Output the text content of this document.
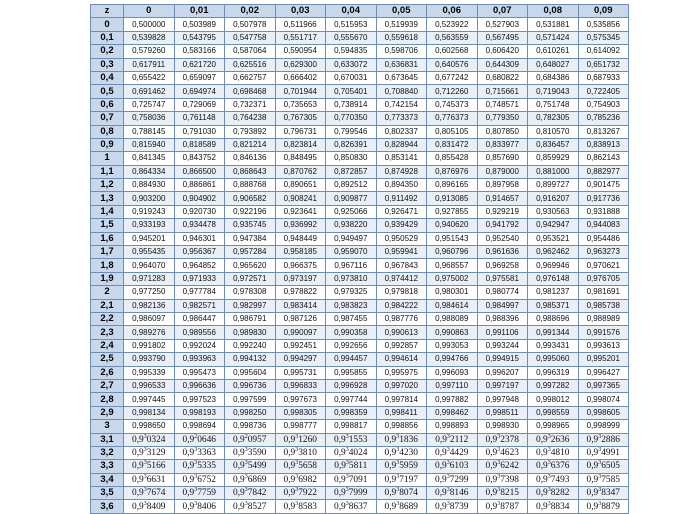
z	0	0,01	0,02	0,03	0,04	0,05	0,06	0,07	0,08	0,09
0	0,500000	0,503989	0,507978	0,511966	0,515953	0,519939	0,523922	0,527903	0,531881	0,535856
0,1	0,539828	0,543795	0,547758	0,551717	0,555670	0,559618	0,563559	0,567495	0,571424	0,575345
0,2	0,579260	0,583166	0,587064	0,590954	0,594835	0,598706	0,602568	0,606420	0,610261	0,614092
0,3	0,617911	0,621720	0,625516	0,629300	0,633072	0,636831	0,640576	0,644309	0,648027	0,651732
0,4	0,655422	0,659097	0,662757	0,666402	0,670031	0,673645	0,677242	0,680822	0,684386	0,687933
0,5	0,691462	0,694974	0,698468	0,701944	0,705401	0,708840	0,712260	0,715661	0,719043	0,722405
0,6	0,725747	0,729069	0,732371	0,735653	0,738914	0,742154	0,745373	0,748571	0,751748	0,754903
0,7	0,758036	0,761148	0,764238	0,767305	0,770350	0,773373	0,776373	0,779350	0,782305	0,785236
0,8	0,788145	0,791030	0,793892	0,796731	0,799546	0,802337	0,805105	0,807850	0,810570	0,813267
0,9	0,815940	0,818589	0,821214	0,823814	0,826391	0,828944	0,831472	0,833977	0,836457	0,838913
1	0,841345	0,843752	0,846136	0,848495	0,850830	0,853141	0,855428	0,857690	0,859929	0,862143
1,1	0,864334	0,866500	0,868643	0,870762	0,872857	0,874928	0,876976	0,879000	0,881000	0,882977
1,2	0,884930	0,886861	0,888768	0,890651	0,892512	0,894350	0,896165	0,897958	0,899727	0,901475
1,3	0,903200	0,904902	0,906582	0,908241	0,909877	0,911492	0,913085	0,914657	0,916207	0,917736
1,4	0,919243	0,920730	0,922196	0,923641	0,925066	0,926471	0,927855	0,929219	0,930563	0,931888
1,5	0,933193	0,934478	0,935745	0,936992	0,938220	0,939429	0,940620	0,941792	0,942947	0,944083
1,6	0,945201	0,946301	0,947384	0,948449	0,949497	0,950529	0,951543	0,952540	0,953521	0,954486
1,7	0,955435	0,956367	0,957284	0,958185	0,959070	0,959941	0,960796	0,961636	0,962462	0,963273
1,8	0,964070	0,964852	0,965620	0,966375	0,967116	0,967843	0,968557	0,969258	0,969946	0,970621
1,9	0,971283	0,971933	0,972571	0,973197	0,973810	0,974412	0,975002	0,975581	0,976148	0,976705
2	0,977250	0,977784	0,978308	0,978822	0,979325	0,979818	0,980301	0,980774	0,981237	0,981691
2,1	0,982136	0,982571	0,982997	0,983414	0,983823	0,984222	0,984614	0,984997	0,985371	0,985738
2,2	0,986097	0,986447	0,986791	0,987126	0,987455	0,987776	0,988089	0,988396	0,988696	0,988989
2,3	0,989276	0,989556	0,989830	0,990097	0,990358	0,990613	0,990863	0,991106	0,991344	0,991576
2,4	0,991802	0,992024	0,992240	0,992451	0,992656	0,992857	0,993053	0,993244	0,993431	0,993613
2,5	0,993790	0,993963	0,994132	0,994297	0,994457	0,994614	0,994766	0,994915	0,995060	0,995201
2,6	0,995339	0,995473	0,995604	0,995731	0,995855	0,995975	0,996093	0,996207	0,996319	0,996427
2,7	0,996533	0,996636	0,996736	0,996833	0,996928	0,997020	0,997110	0,997197	0,997282	0,997365
2,8	0,997445	0,997523	0,997599	0,997673	0,997744	0,997814	0,997882	0,997948	0,998012	0,998074
2,9	0,998134	0,998193	0,998250	0,998305	0,998359	0,998411	0,998462	0,998511	0,998559	0,998605
3	0,998650	0,998694	0,998736	0,998777	0,998817	0,998856	0,998893	0,998930	0,998965	0,998999
3,1	$0,9^30324$	$0,9^20646$	$0,9^20957$	$0,9^31260$	$0,9^31553$	$0,9^31836$	$0,9^32112$	$0,9^32378$	$0,9^32636$	$0,9^32886$
3,2	$0,9^33129$	$0,9^33363$	$0,9^33590$	$0,9^33810$	$0,9^34024$	$0,9^34230$	$0,9^34429$	$0,9^34623$	$0,9^34810$	$0,9^34991$
3,3	$0,9^35166$	$0,9^35335$	$0,9^35499$	$0,9^35658$	$0,9^35811$	$0,9^35959$	$0,9^36103$	$0,9^36242$	$0,9^36376$	$0,9^36505$
3,4	$0,9^36631$	$0,9^36752$	$0,9^36869$	$0,9^36982$	$0,9^37091$	$0,9^37197$	$0,9^37299$	$0,9^37398$	$0,9^37493$	$0,9^37585$
3,5	$0,9^37674$	$0,9^37759$	$0,9^37842$	$0,9^37922$	$0,9^37999$	$0,9^38074$	$0,9^38146$	$0,9^38215$	$0,9^38282$	$0,9^38347$
3,6	$0,9^38409$	$0,9^38406$	$0,9^38527$	$0,9^38583$	$0,9^38637$	$0,9^38689$	$0,9^38739$	$0,9^38787$	$0,9^38834$	$0,9^38879$
